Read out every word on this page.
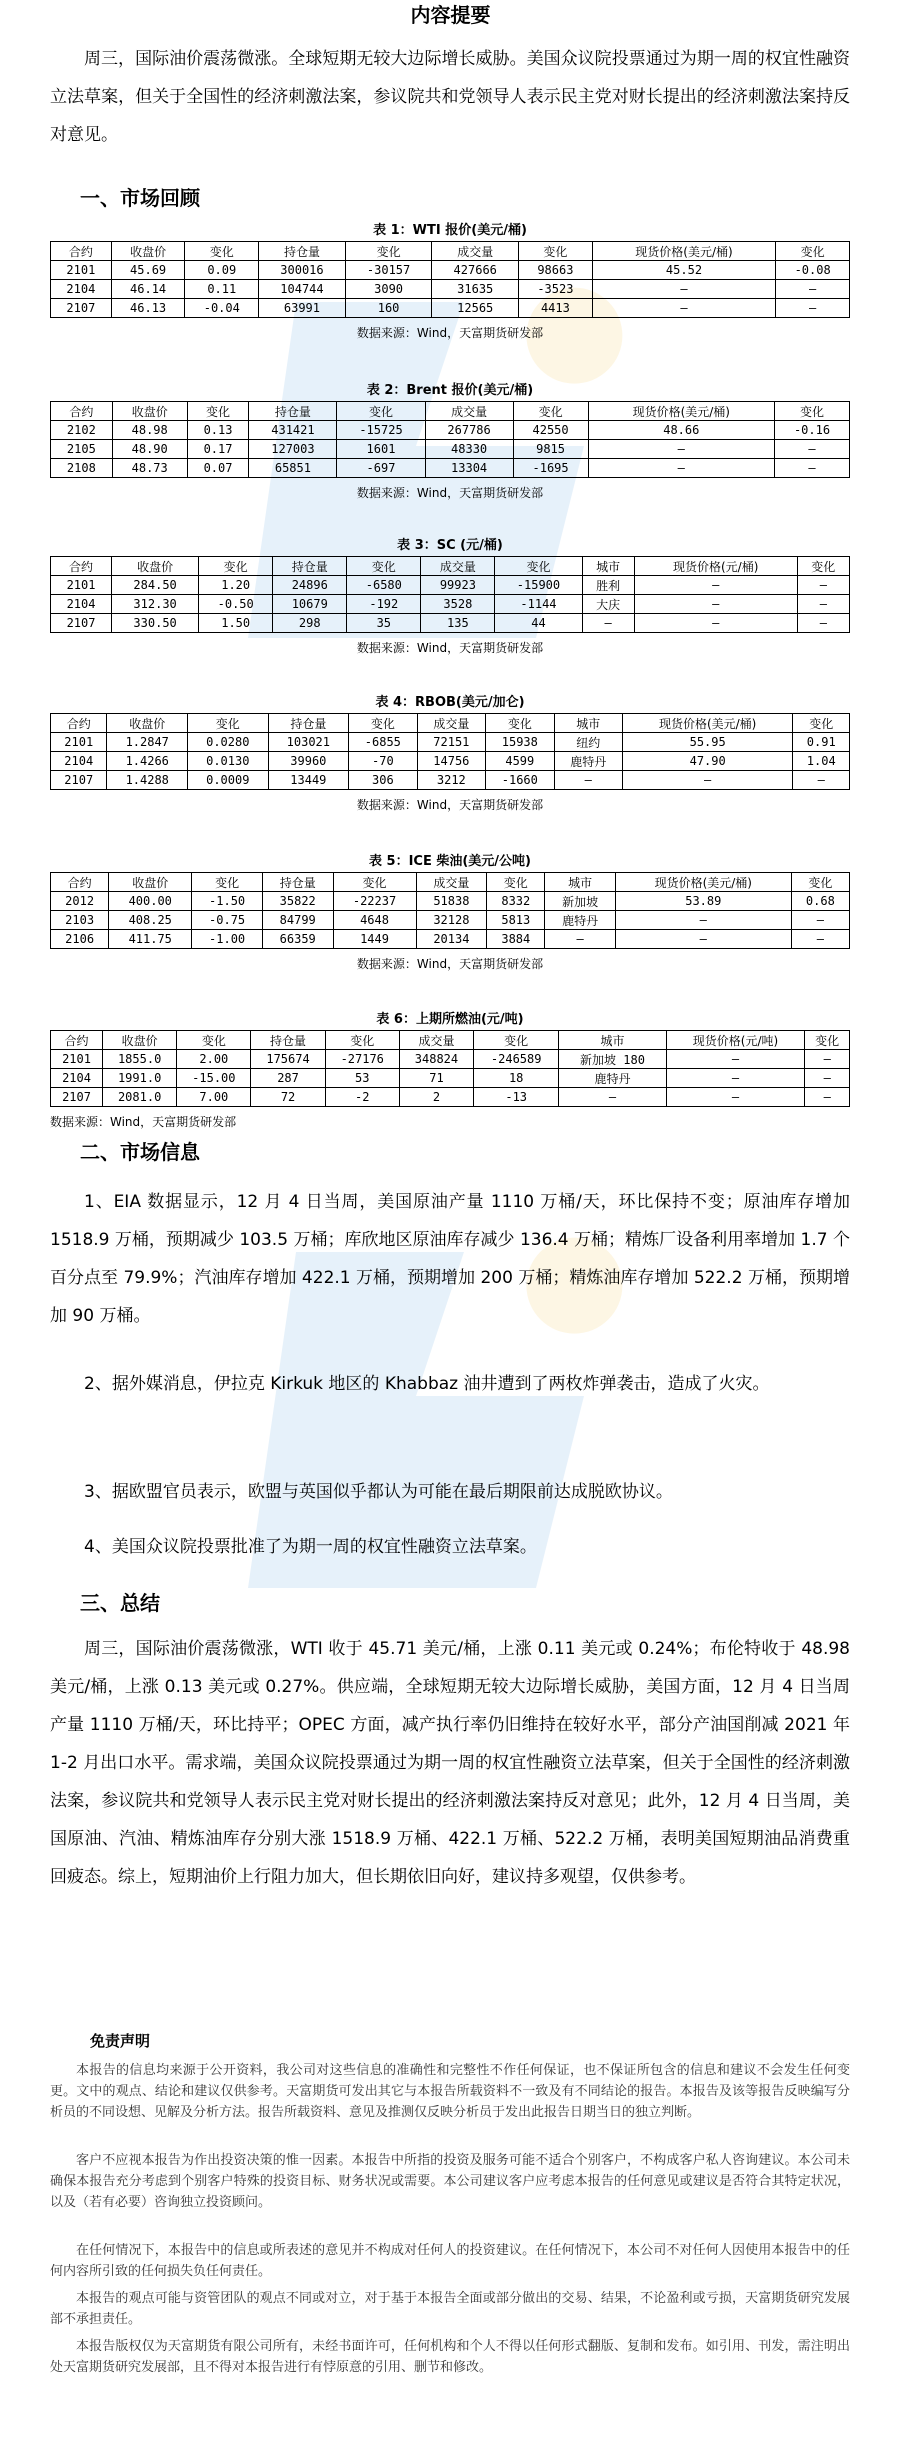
内容提要

周三，国际油价震荡微涨。全球短期无较大边际增长威胁。美国众议院投票通过为期一周的权宜性融资立法草案，但关于全国性的经济刺激法案，参议院共和党领导人表示民主党对财长提出的经济刺激法案持反对意见。

一、市场回顾
表 1：WTI 报价(美元/桶)
合约	收盘价	变化	持仓量	变化	成交量	变化	现货价格(美元/桶)	变化
2101	45.69	0.09	300016	-30157	427666	98663	45.52	-0.08
2104	46.14	0.11	104744	3090	31635	-3523	—	—
2107	46.13	-0.04	63991	160	12565	4413	—	—
数据来源：Wind，天富期货研发部
表 2：Brent 报价(美元/桶)
合约	收盘价	变化	持仓量	变化	成交量	变化	现货价格(美元/桶)	变化
2102	48.98	0.13	431421	-15725	267786	42550	48.66	-0.16
2105	48.90	0.17	127003	1601	48330	9815	—	—
2108	48.73	0.07	65851	-697	13304	-1695	—	—
数据来源：Wind，天富期货研发部
表 3：SC (元/桶)
合约	收盘价	变化	持仓量	变化	成交量	变化	城市	现货价格(元/桶)	变化
2101	284.50	1.20	24896	-6580	99923	-15900	胜利	—	—
2104	312.30	-0.50	10679	-192	3528	-1144	大庆	—	—
2107	330.50	1.50	298	35	135	44	—	—	—
数据来源：Wind，天富期货研发部
表 4：RBOB(美元/加仑)
合约	收盘价	变化	持仓量	变化	成交量	变化	城市	现货价格(美元/桶)	变化
2101	1.2847	0.0280	103021	-6855	72151	15938	纽约	55.95	0.91
2104	1.4266	0.0130	39960	-70	14756	4599	鹿特丹	47.90	1.04
2107	1.4288	0.0009	13449	306	3212	-1660	—	—	—
数据来源：Wind，天富期货研发部
表 5：ICE 柴油(美元/公吨)
合约	收盘价	变化	持仓量	变化	成交量	变化	城市	现货价格(美元/桶)	变化
2012	400.00	-1.50	35822	-22237	51838	8332	新加坡	53.89	0.68
2103	408.25	-0.75	84799	4648	32128	5813	鹿特丹	—	—
2106	411.75	-1.00	66359	1449	20134	3884	—	—	—
数据来源：Wind，天富期货研发部
表 6：上期所燃油(元/吨)
合约	收盘价	变化	持仓量	变化	成交量	变化	城市	现货价格(元/吨)	变化
2101	1855.0	2.00	175674	-27176	348824	-246589	新加坡 180	—	—
2104	1991.0	-15.00	287	53	71	18	鹿特丹	—	—
2107	2081.0	7.00	72	-2	2	-13	—	—	—
数据来源：Wind，天富期货研发部
二、市场信息

1、EIA 数据显示，12 月 4 日当周，美国原油产量 1110 万桶/天，环比保持不变；原油库存增加 1518.9 万桶，预期减少 103.5 万桶；库欣地区原油库存减少 136.4 万桶；精炼厂设备利用率增加 1.7 个百分点至 79.9%；汽油库存增加 422.1 万桶，预期增加 200 万桶；精炼油库存增加 522.2 万桶，预期增加 90 万桶。

2、据外媒消息，伊拉克 Kirkuk 地区的 Khabbaz 油井遭到了两枚炸弹袭击，造成了火灾。

3、据欧盟官员表示，欧盟与英国似乎都认为可能在最后期限前达成脱欧协议。

4、美国众议院投票批准了为期一周的权宜性融资立法草案。

三、总结

周三，国际油价震荡微涨，WTI 收于 45.71 美元/桶，上涨 0.11 美元或 0.24%；布伦特收于 48.98 美元/桶，上涨 0.13 美元或 0.27%。供应端，全球短期无较大边际增长威胁，美国方面，12 月 4 日当周产量 1110 万桶/天，环比持平；OPEC 方面，减产执行率仍旧维持在较好水平，部分产油国削减 2021 年 1-2 月出口水平。需求端，美国众议院投票通过为期一周的权宜性融资立法草案，但关于全国性的经济刺激法案，参议院共和党领导人表示民主党对财长提出的经济刺激法案持反对意见；此外，12 月 4 日当周，美国原油、汽油、精炼油库存分别大涨 1518.9 万桶、422.1 万桶、522.2 万桶，表明美国短期油品消费重回疲态。综上，短期油价上行阻力加大，但长期依旧向好，建议持多观望，仅供参考。

免责声明

本报告的信息均来源于公开资料，我公司对这些信息的准确性和完整性不作任何保证，也不保证所包含的信息和建议不会发生任何变更。文中的观点、结论和建议仅供参考。天富期货可发出其它与本报告所载资料不一致及有不同结论的报告。本报告及该等报告反映编写分析员的不同设想、见解及分析方法。报告所载资料、意见及推测仅反映分析员于发出此报告日期当日的独立判断。

客户不应视本报告为作出投资决策的惟一因素。本报告中所指的投资及服务可能不适合个别客户，不构成客户私人咨询建议。本公司未确保本报告充分考虑到个别客户特殊的投资目标、财务状况或需要。本公司建议客户应考虑本报告的任何意见或建议是否符合其特定状况，以及（若有必要）咨询独立投资顾问。

在任何情况下，本报告中的信息或所表述的意见并不构成对任何人的投资建议。在任何情况下，本公司不对任何人因使用本报告中的任何内容所引致的任何损失负任何责任。

本报告的观点可能与资管团队的观点不同或对立，对于基于本报告全面或部分做出的交易、结果，不论盈利或亏损，天富期货研究发展部不承担责任。

本报告版权仅为天富期货有限公司所有，未经书面许可，任何机构和个人不得以任何形式翻版、复制和发布。如引用、刊发，需注明出处天富期货研究发展部，且不得对本报告进行有悖原意的引用、删节和修改。
